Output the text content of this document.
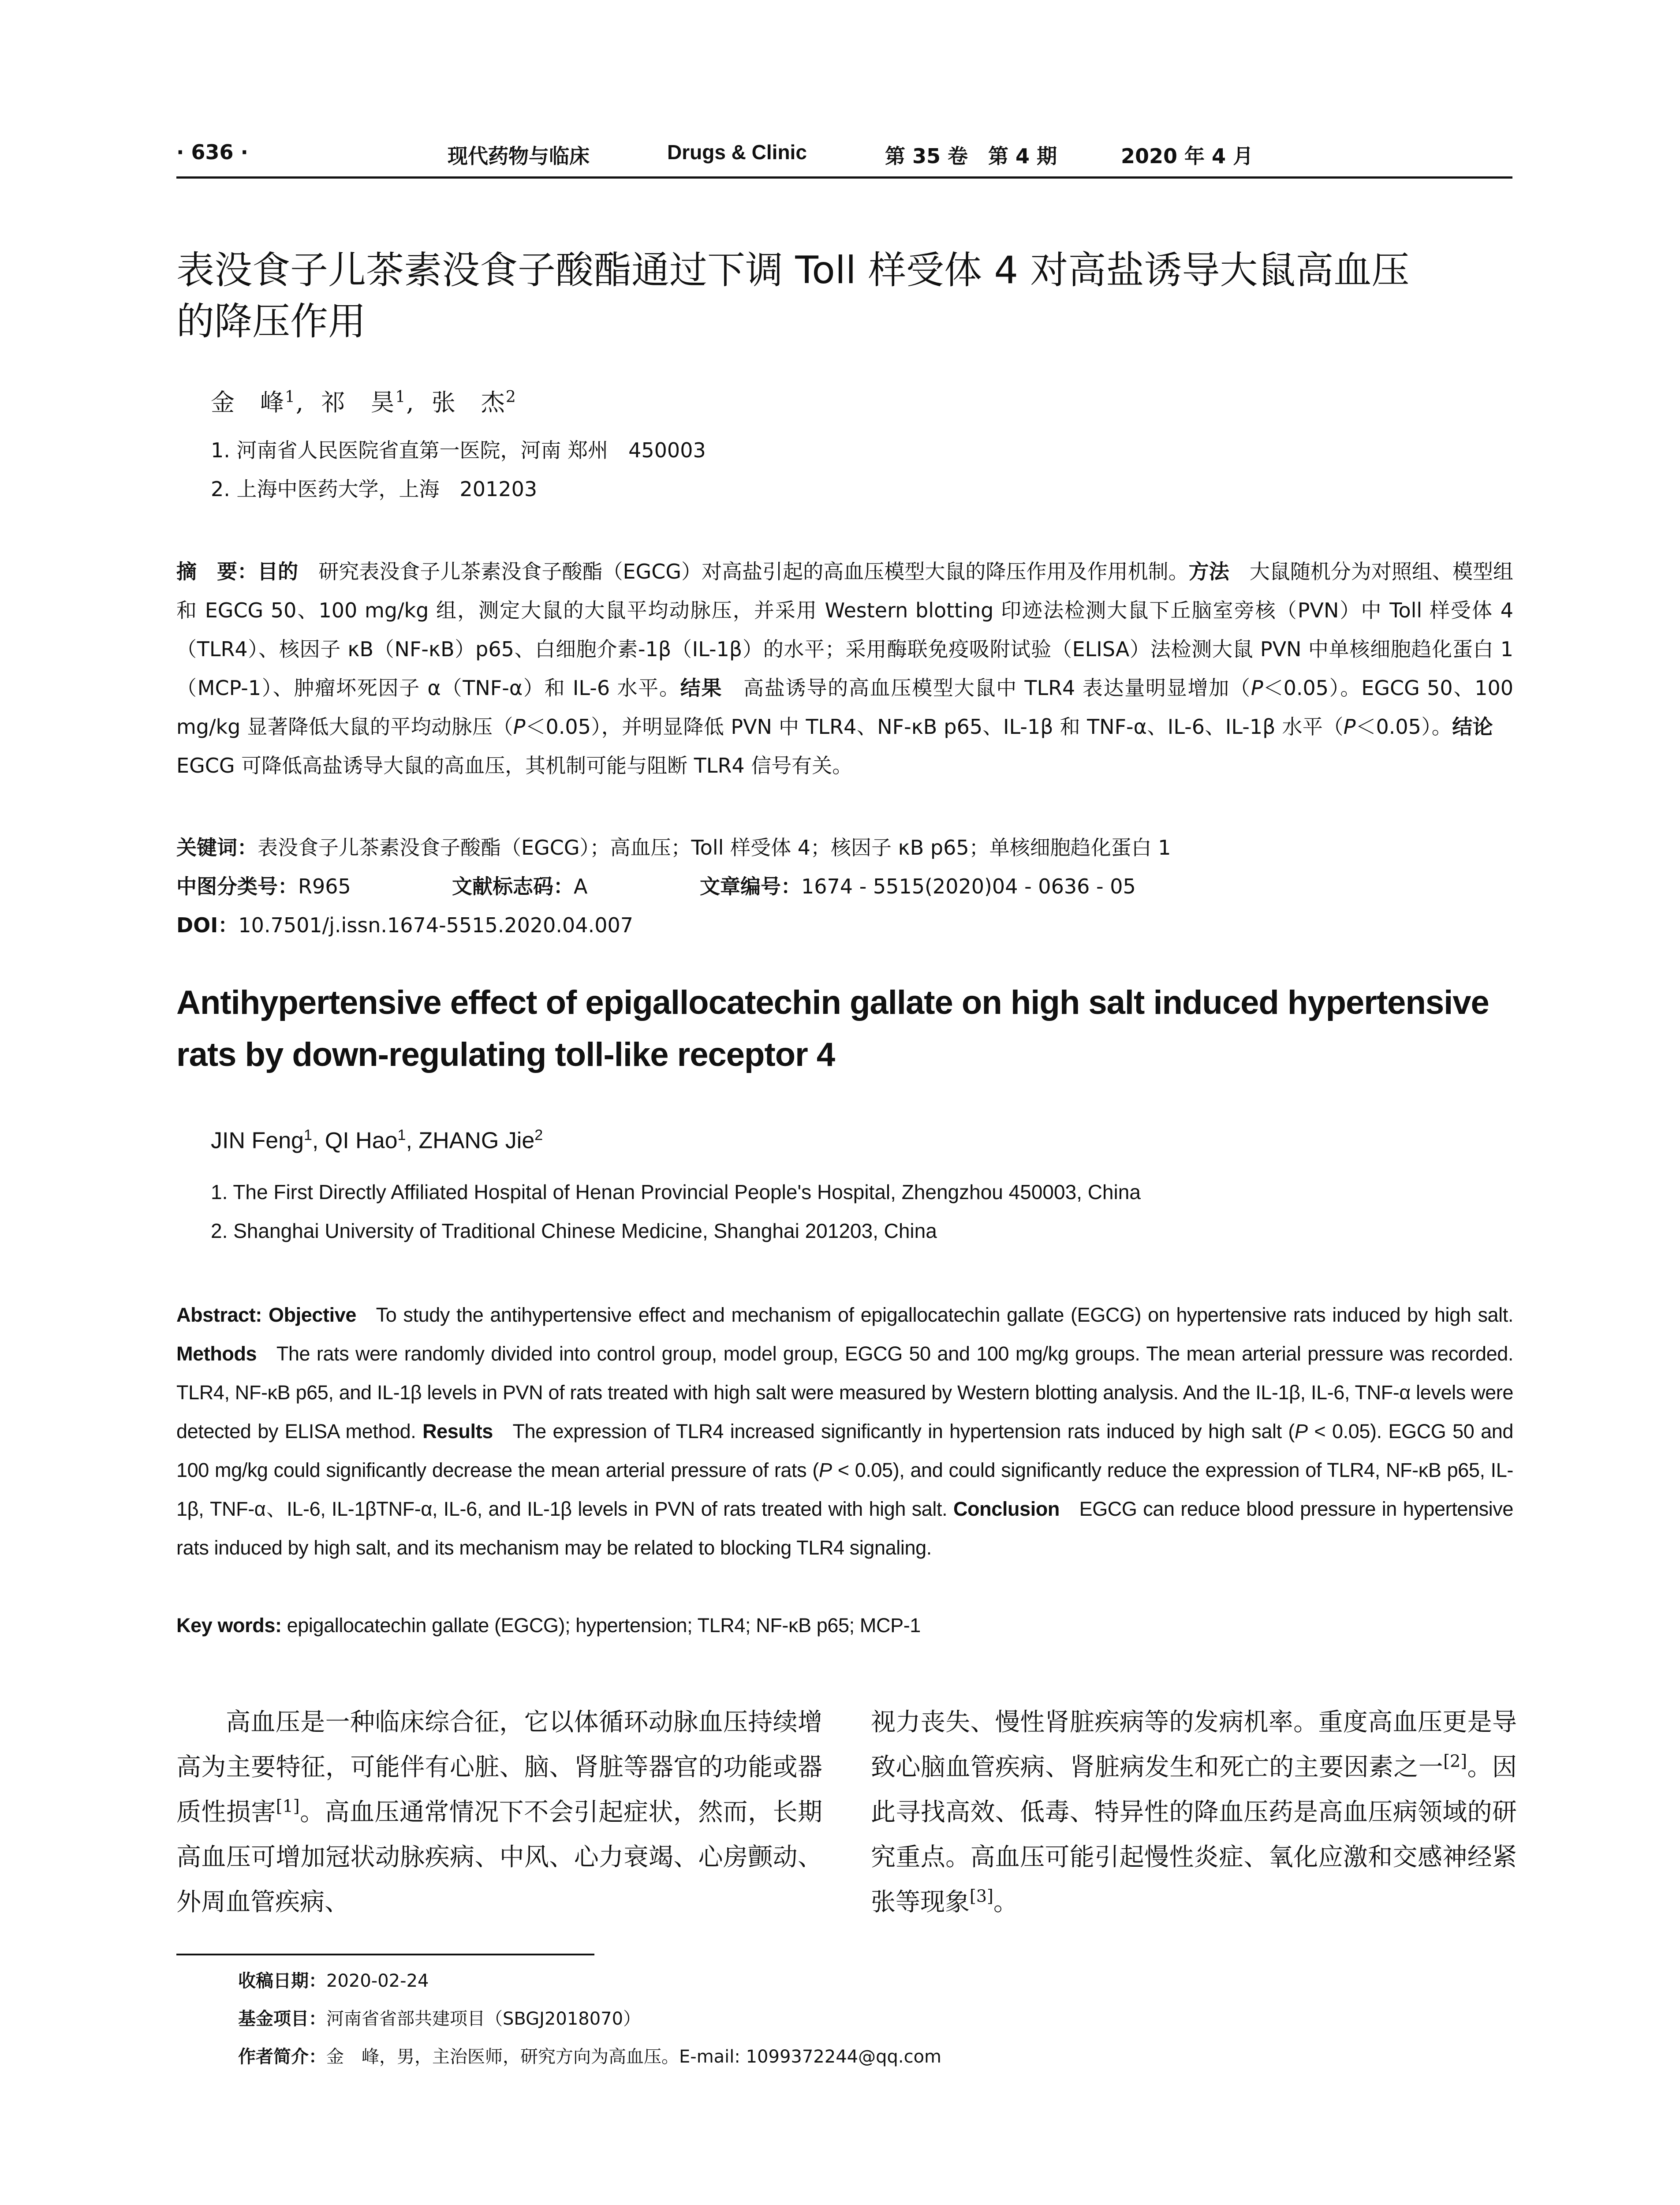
· 636 ·	现代药物与临床	Drugs & Clinic	第 35 卷　第 4 期	2020 年 4 月
表没食子儿茶素没食子酸酯通过下调 Toll 样受体 4 对高盐诱导大鼠高血压
的降压作用
金　峰$^1$,  祁　昊$^1$,  张　杰$^2$
1. 河南省人民医院省直第一医院，河南 郑州　450003
2. 上海中医药大学，上海　201203
摘　要：目的  研究表没食子儿茶素没食子酸酯（EGCG）对高盐引起的高血压模型大鼠的降压作用及作用机制。方法  大鼠随机分为对照组、模型组和 EGCG 50、100 mg/kg 组，测定大鼠的大鼠平均动脉压，并采用 Western blotting 印迹法检测大鼠下丘脑室旁核（PVN）中 Toll 样受体 4（TLR4）、核因子 κB（NF-κB）p65、白细胞介素-1β（IL-1β）的水平；采用酶联免疫吸附试验（ELISA）法检测大鼠 PVN 中单核细胞趋化蛋白 1（MCP-1）、肿瘤坏死因子 α（TNF-α）和 IL-6 水平。结果  高盐诱导的高血压模型大鼠中 TLR4 表达量明显增加（P＜0.05）。EGCG 50、100 mg/kg 显著降低大鼠的平均动脉压（P＜0.05），并明显降低 PVN 中 TLR4、NF-κB p65、IL-1β 和 TNF-α、IL-6、IL-1β 水平（P＜0.05）。结论 EGCG 可降低高盐诱导大鼠的高血压，其机制可能与阻断 TLR4 信号有关。
关键词：表没食子儿茶素没食子酸酯（EGCG）；高血压；Toll 样受体 4；核因子 κB p65；单核细胞趋化蛋白 1
中图分类号：R965	文献标志码：A	文章编号：1674 - 5515(2020)04 - 0636 - 05
DOI：10.7501/j.issn.1674-5515.2020.04.007
Antihypertensive effect of epigallocatechin gallate on high salt induced hypertensive
rats by down-regulating toll-like receptor 4
JIN Feng$^1$, QI Hao$^1$, ZHANG Jie$^2$
1. The First Directly Affiliated Hospital of Henan Provincial People's Hospital, Zhengzhou 450003, China
2. Shanghai University of Traditional Chinese Medicine, Shanghai 201203, China
Abstract: Objective  To study the antihypertensive effect and mechanism of epigallocatechin gallate (EGCG) on hypertensive rats induced by high salt. Methods  The rats were randomly divided into control group, model group, EGCG 50 and 100 mg/kg groups. The mean arterial pressure was recorded. TLR4, NF-κB p65, and IL-1β levels in PVN of rats treated with high salt were measured by Western blotting analysis. And the IL-1β, IL-6, TNF-α levels were detected by ELISA method. Results  The expression of TLR4 increased significantly in hypertension rats induced by high salt (P < 0.05). EGCG 50 and 100 mg/kg could significantly decrease the mean arterial pressure of rats (P < 0.05), and could significantly reduce the expression of TLR4, NF-κB p65, IL-1β, TNF-α、IL-6, IL-1βTNF-α, IL-6, and IL-1β levels in PVN of rats treated with high salt. Conclusion  EGCG can reduce blood pressure in hypertensive rats induced by high salt, and its mechanism may be related to blocking TLR4 signaling.
Key words: epigallocatechin gallate (EGCG); hypertension; TLR4; NF-κB p65; MCP-1
高血压是一种临床综合征，它以体循环动脉血压持续增高为主要特征，可能伴有心脏、脑、肾脏等器官的功能或器质性损害[1]。高血压通常情况下不会引起症状，然而，长期高血压可增加冠状动脉疾病、中风、心力衰竭、心房颤动、外周血管疾病、
视力丧失、慢性肾脏疾病等的发病机率。重度高血压更是导致心脑血管疾病、肾脏病发生和死亡的主要因素之一[2]。因此寻找高效、低毒、特异性的降血压药是高血压病领域的研究重点。高血压可能引起慢性炎症、氧化应激和交感神经紧张等现象[3]。
收稿日期：2020-02-24
基金项目：河南省省部共建项目（SBGJ2018070）
作者简介：金　峰，男，主治医师，研究方向为高血压。E-mail: 1099372244@qq.com
